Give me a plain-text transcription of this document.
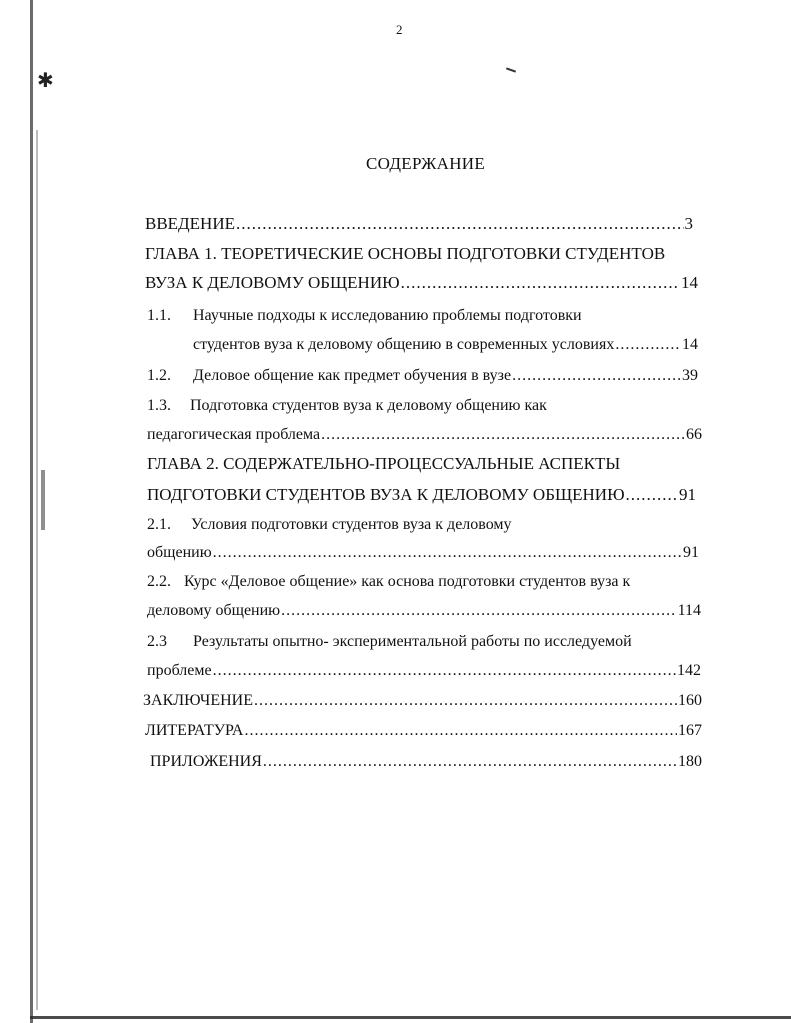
✱
2
СОДЕРЖАНИЕ
ВВЕДЕНИЕ .....	3
ГЛАВА 1. ТЕОРЕТИЧЕСКИЕ ОСНОВЫ ПОДГОТОВКИ СТУДЕНТОВ
ВУЗА К ДЕЛОВОМУ ОБЩЕНИЮ .....	14
1.1. Научные подходы к исследованию проблемы подготовки
студентов вуза к деловому общению в современных условиях .....	14
1.2.	Деловое общение как предмет обучения в вузе .....	39
1.3. Подготовка студентов вуза к деловому общению как
педагогическая проблема .....	66
ГЛАВА 2. СОДЕРЖАТЕЛЬНО-ПРОЦЕССУАЛЬНЫЕ АСПЕКТЫ
ПОДГОТОВКИ СТУДЕНТОВ ВУЗА К ДЕЛОВОМУ ОБЩЕНИЮ .....	91
2.1. Условия подготовки студентов вуза к деловому
общению .....	91
2.2. Курс «Деловое общение» как основа подготовки студентов вуза к
деловому общению .....	114
2.3 Результаты опытно- экспериментальной работы по исследуемой
проблеме .....	142
ЗАКЛЮЧЕНИЕ .....	160
ЛИТЕРАТУРА .....	167
ПРИЛОЖЕНИЯ .....	180
